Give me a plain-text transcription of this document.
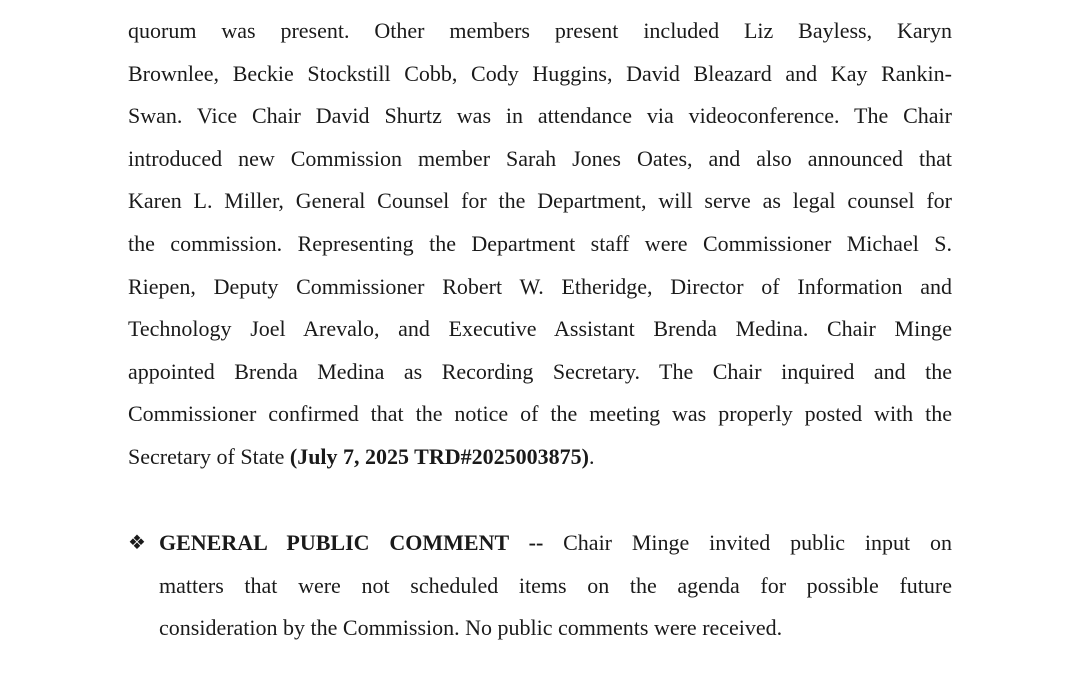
quorum was present. Other members present included Liz Bayless, Karyn
Brownlee, Beckie Stockstill Cobb, Cody Huggins, David Bleazard and Kay Rankin-
Swan. Vice Chair David Shurtz was in attendance via videoconference. The Chair
introduced new Commission member Sarah Jones Oates, and also announced that
Karen L. Miller, General Counsel for the Department, will serve as legal counsel for
the commission. Representing the Department staff were Commissioner Michael S.
Riepen, Deputy Commissioner Robert W. Etheridge, Director of Information and
Technology Joel Arevalo, and Executive Assistant Brenda Medina. Chair Minge
appointed Brenda Medina as Recording Secretary. The Chair inquired and the
Commissioner confirmed that the notice of the meeting was properly posted with the
Secretary of State (July 7, 2025 TRD#2025003875).
❖ GENERAL PUBLIC COMMENT -- Chair Minge invited public input on
matters that were not scheduled items on the agenda for possible future
consideration by the Commission. No public comments were received.
